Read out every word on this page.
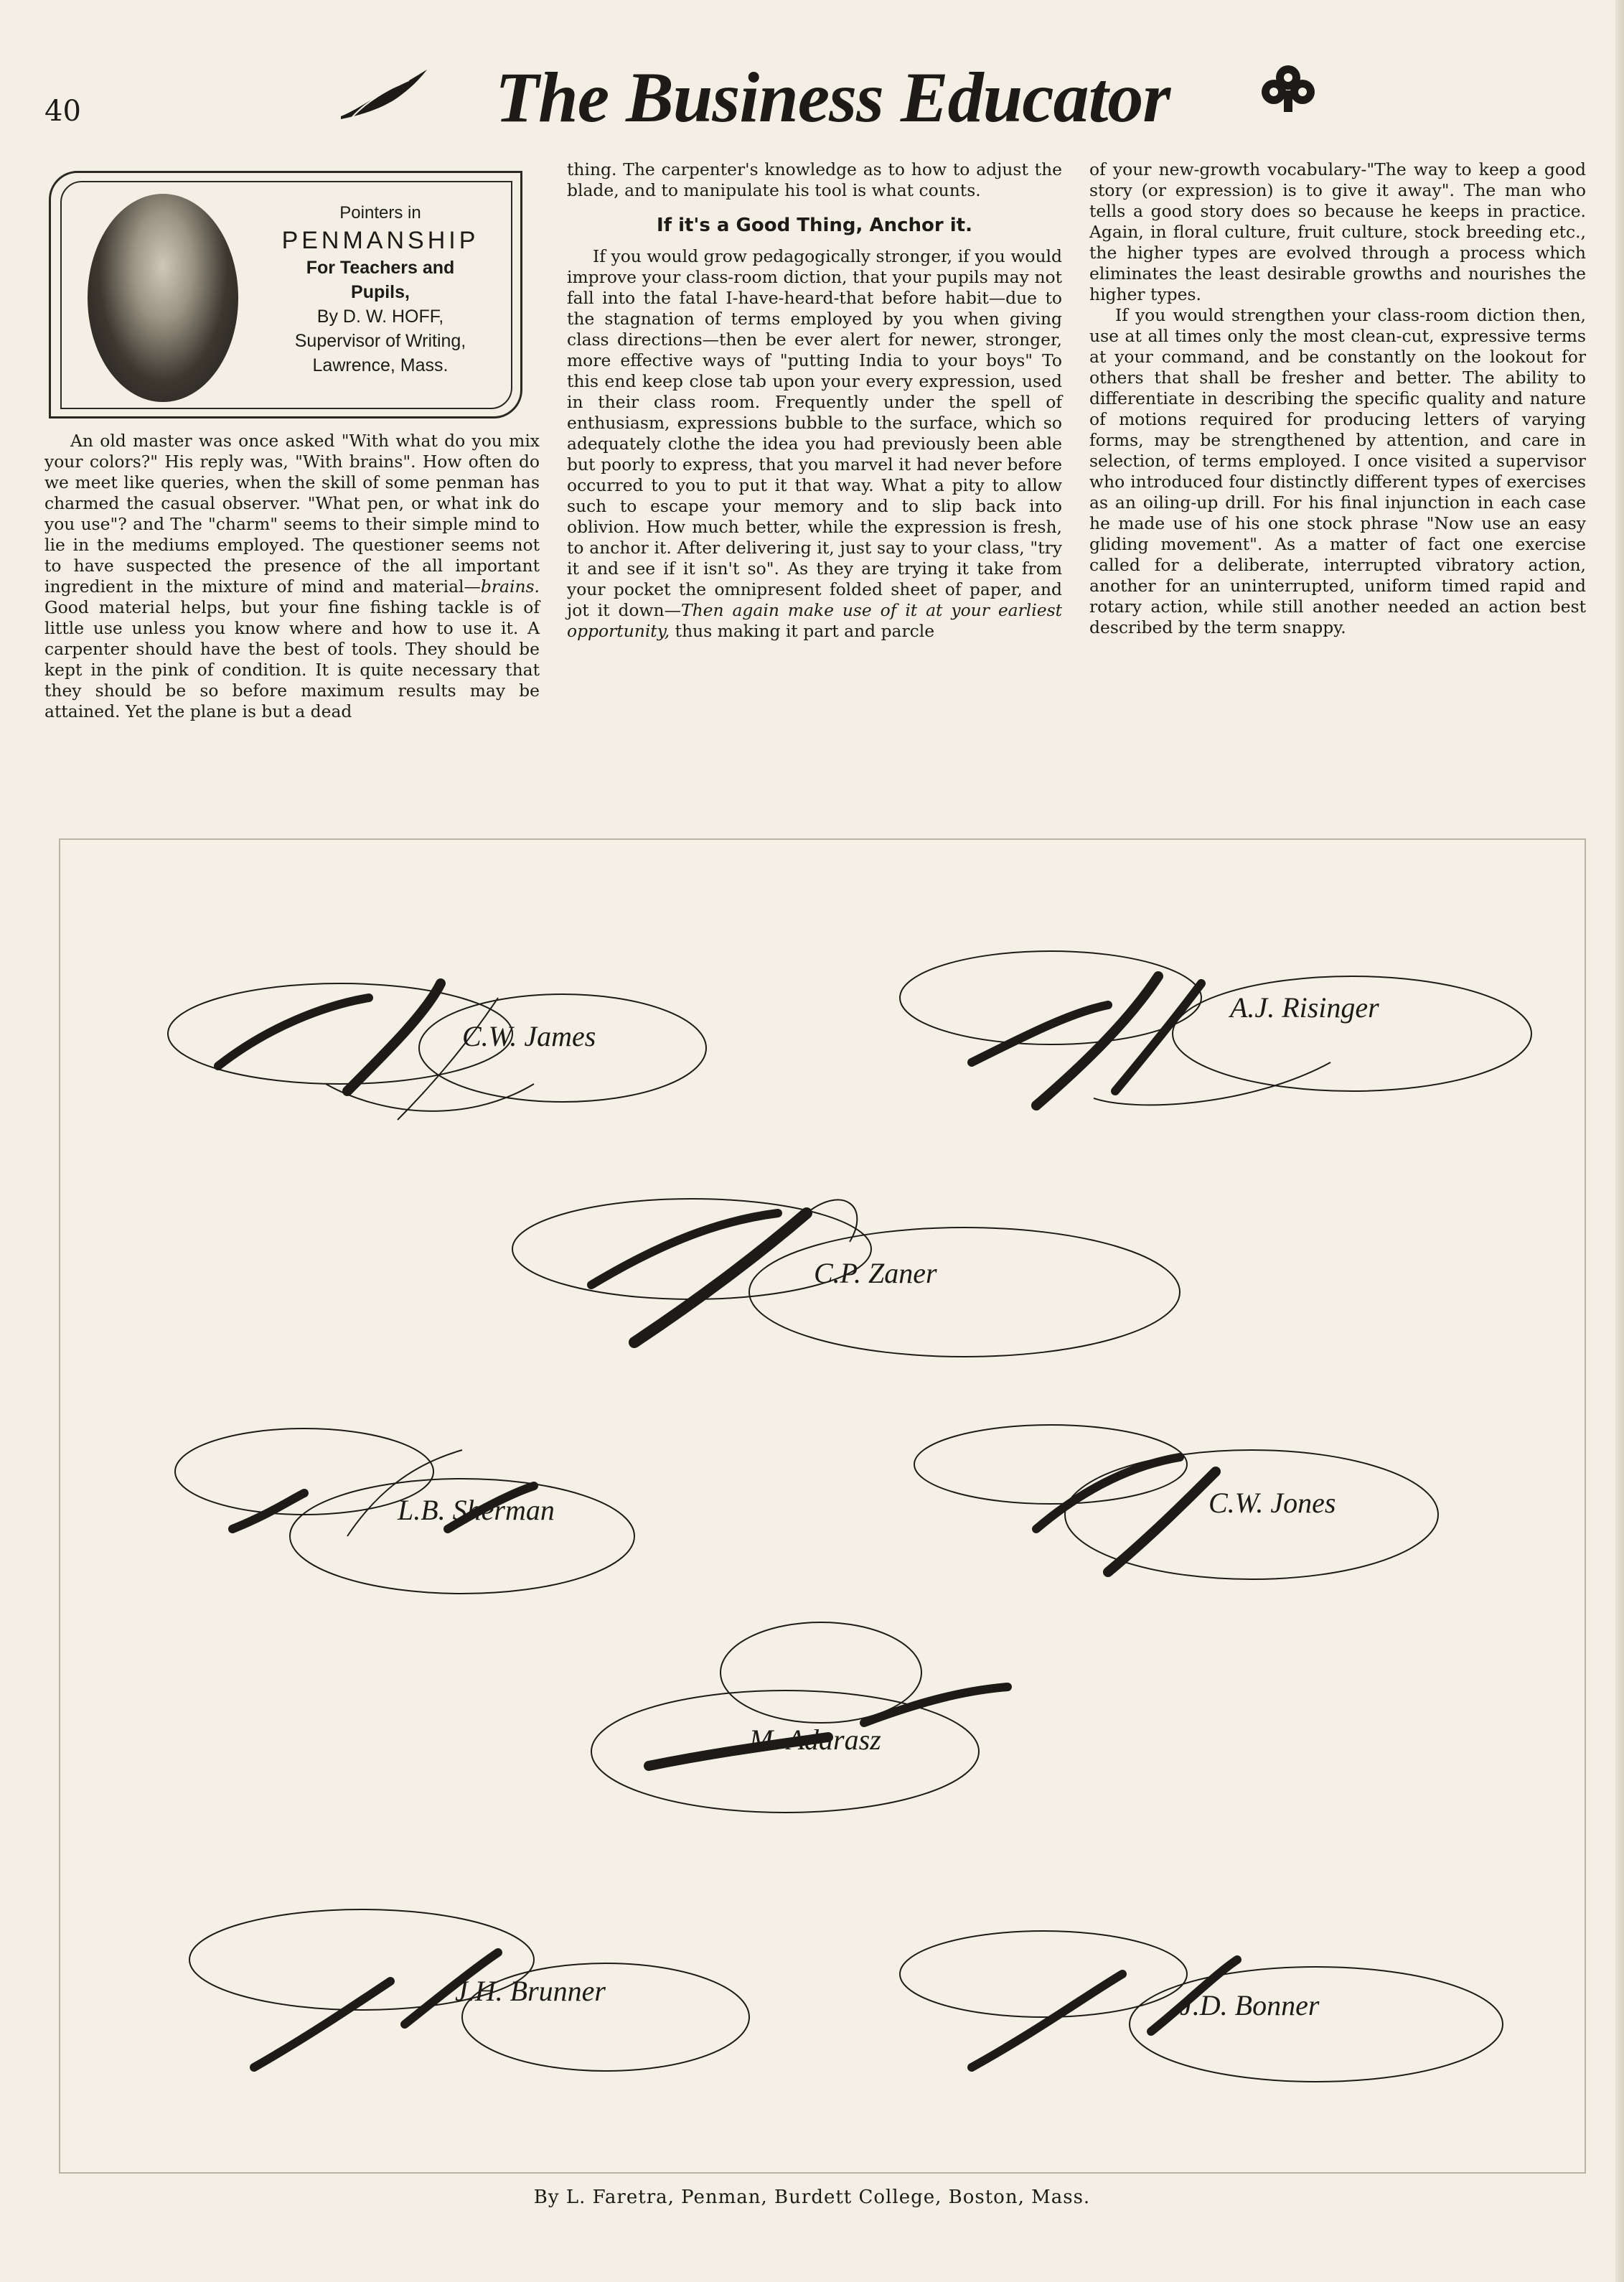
40	The Business Educator
Pointers in
PENMANSHIP
For Teachers and
Pupils,
By D. W. HOFF,
Supervisor of Writing,
Lawrence, Mass.

An old master was once asked "With what do you mix your colors?" His reply was, "With brains". How often do we meet like queries, when the skill of some penman has charmed the casual observer. "What pen, or what ink do you use"? and The "charm" seems to their simple mind to lie in the mediums employed. The questioner seems not to have suspected the presence of the all important ingredient in the mixture of mind and material—brains. Good material helps, but your fine fishing tackle is of little use unless you know where and how to use it. A carpenter should have the best of tools. They should be kept in the pink of condition. It is quite necessary that they should be so before maximum results may be attained. Yet the plane is but a dead

thing. The carpenter's knowledge as to how to adjust the blade, and to manipulate his tool is what counts.

If it's a Good Thing, Anchor it.

If you would grow pedagogically stronger, if you would improve your class-room diction, that your pupils may not fall into the fatal I-have-heard-that before habit—due to the stagnation of terms employed by you when giving class directions—then be ever alert for newer, stronger, more effective ways of "putting India to your boys" To this end keep close tab upon your every expression, used in their class room. Frequently under the spell of enthusiasm, expressions bubble to the surface, which so adequately clothe the idea you had previously been able but poorly to express, that you marvel it had never before occurred to you to put it that way. What a pity to allow such to escape your memory and to slip back into oblivion. How much better, while the expression is fresh, to anchor it. After delivering it, just say to your class, "try it and see if it isn't so". As they are trying it take from your pocket the omnipresent folded sheet of paper, and jot it down—Then again make use of it at your earliest opportunity, thus making it part and parcle

of your new-growth vocabulary-"The way to keep a good story (or expression) is to give it away". The man who tells a good story does so because he keeps in practice. Again, in floral culture, fruit culture, stock breeding etc., the higher types are evolved through a process which eliminates the least desirable growths and nourishes the higher types.

If you would strengthen your class-room diction then, use at all times only the most clean-cut, expressive terms at your command, and be constantly on the lookout for others that shall be fresher and better. The ability to differentiate in describing the specific quality and nature of motions required for producing letters of varying forms, may be strengthened by attention, and care in selection, of terms employed. I once visited a supervisor who introduced four distinctly different types of exercises as an oiling-up drill. For his final injunction in each case he made use of his one stock phrase "Now use an easy gliding movement". As a matter of fact one exercise called for a deliberate, interrupted vibratory action, another for an uninterrupted, uniform timed rapid and rotary action, while still another needed an action best described by the term snappy.

C.W. James
A.J. Risinger
C.P. Zaner
L.B. Sherman	C.W. Jones
M. Adarasz
J.H. Brunner	J.D. Bonner
By L. Faretra, Penman, Burdett College, Boston, Mass.
